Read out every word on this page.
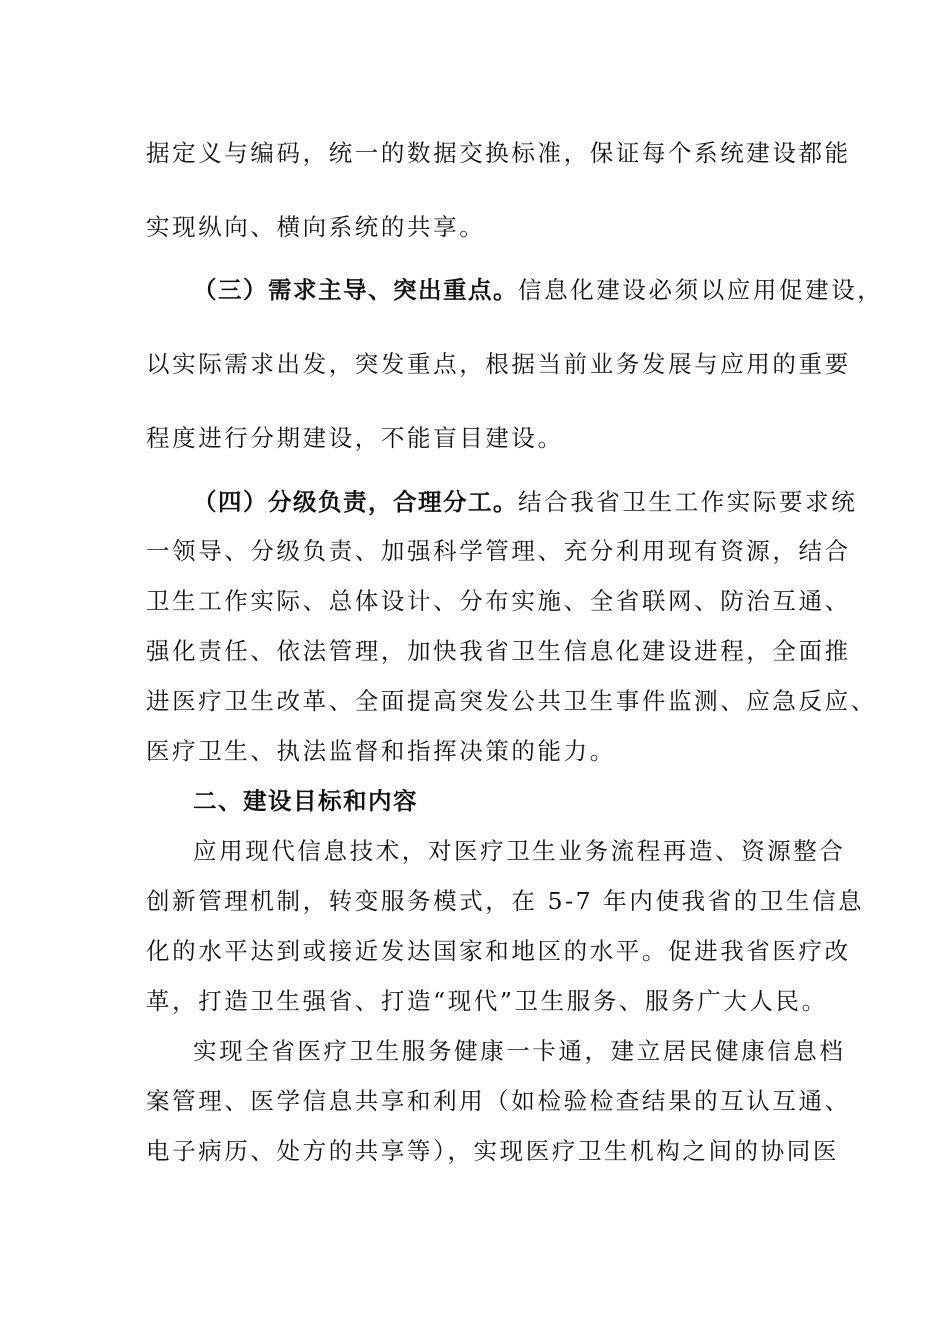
据定义与编码，统一的数据交换标准，保证每个系统建设都能
实现纵向、横向系统的共享。
（三）需求主导、突出重点。信息化建设必须以应用促建设，
以实际需求出发，突发重点，根据当前业务发展与应用的重要
程度进行分期建设，不能盲目建设。
（四）分级负责，合理分工。结合我省卫生工作实际要求统
一领导、分级负责、加强科学管理、充分利用现有资源，结合
卫生工作实际、总体设计、分布实施、全省联网、防治互通、
强化责任、依法管理，加快我省卫生信息化建设进程，全面推
进医疗卫生改革、全面提高突发公共卫生事件监测、应急反应、
医疗卫生、执法监督和指挥决策的能力。
二、建设目标和内容
应用现代信息技术，对医疗卫生业务流程再造、资源整合
创新管理机制，转变服务模式，在 5-7 年内使我省的卫生信息
化的水平达到或接近发达国家和地区的水平。促进我省医疗改
革，打造卫生强省、打造“现代”卫生服务、服务广大人民。
实现全省医疗卫生服务健康一卡通，建立居民健康信息档
案管理、医学信息共享和利用（如检验检查结果的互认互通、
电子病历、处方的共享等），实现医疗卫生机构之间的协同医
